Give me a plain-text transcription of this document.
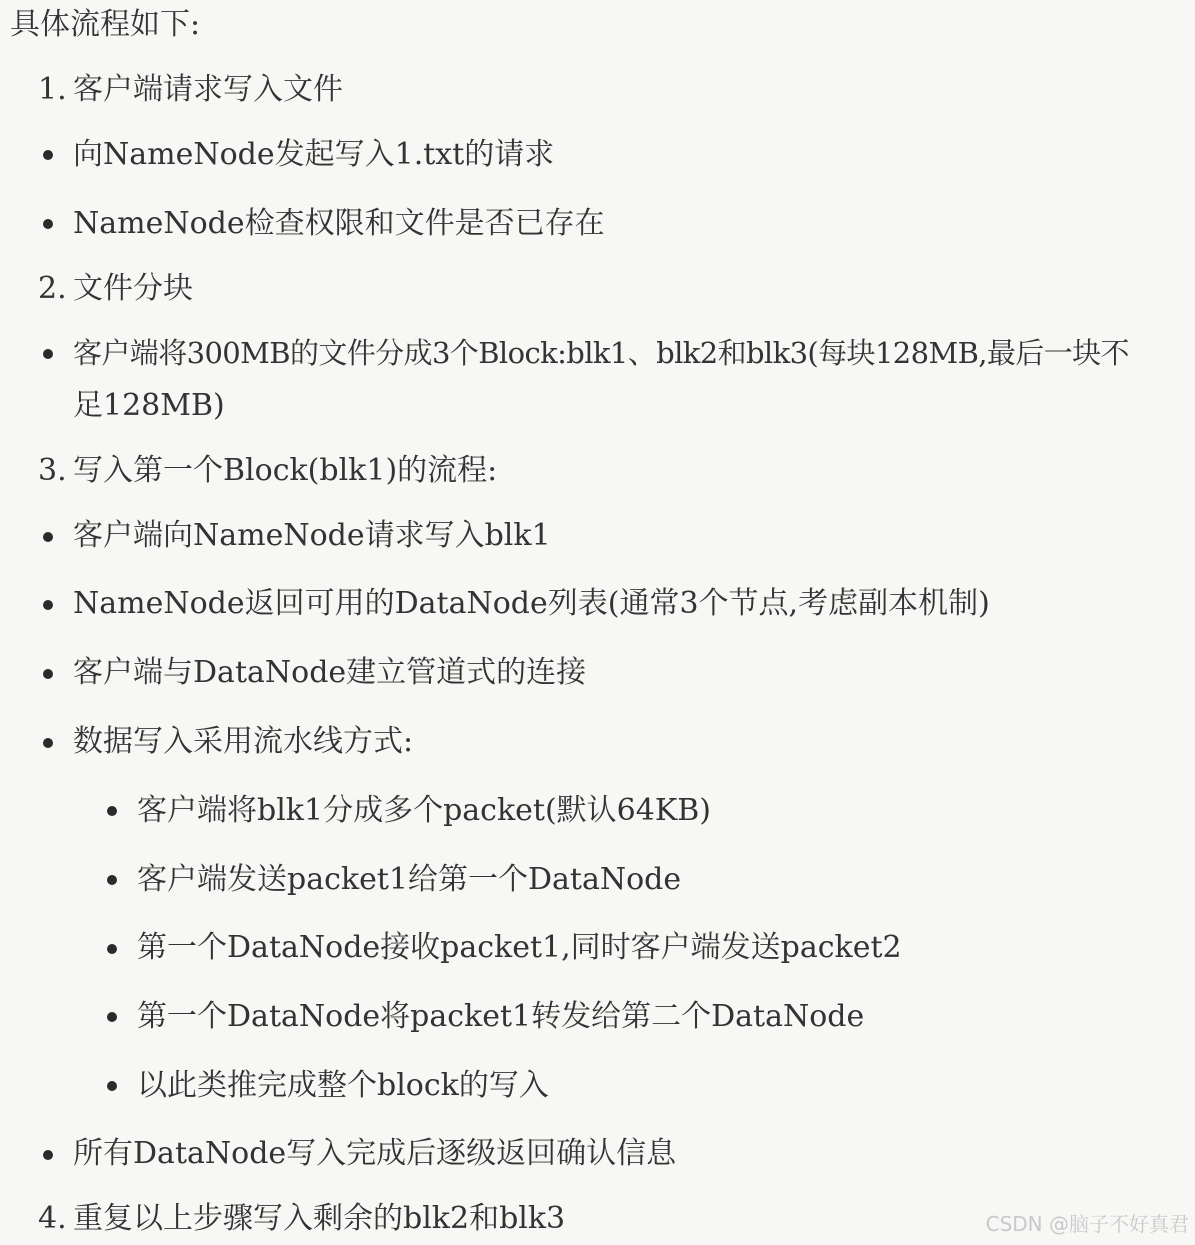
具体流程如下:
1. 客户端请求写入文件
向NameNode发起写入1.txt的请求
NameNode检查权限和文件是否已存在
2. 文件分块
客户端将300MB的文件分成3个Block:blk1、blk2和blk3(每块128MB,最后一块不
足128MB)
3. 写入第一个Block(blk1)的流程:
客户端向NameNode请求写入blk1
NameNode返回可用的DataNode列表(通常3个节点,考虑副本机制)
客户端与DataNode建立管道式的连接
数据写入采用流水线方式:
客户端将blk1分成多个packet(默认64KB)
客户端发送packet1给第一个DataNode
第一个DataNode接收packet1,同时客户端发送packet2
第一个DataNode将packet1转发给第二个DataNode
以此类推完成整个block的写入
所有DataNode写入完成后逐级返回确认信息
4. 重复以上步骤写入剩余的blk2和blk3	CSDN @脑子不好真君
